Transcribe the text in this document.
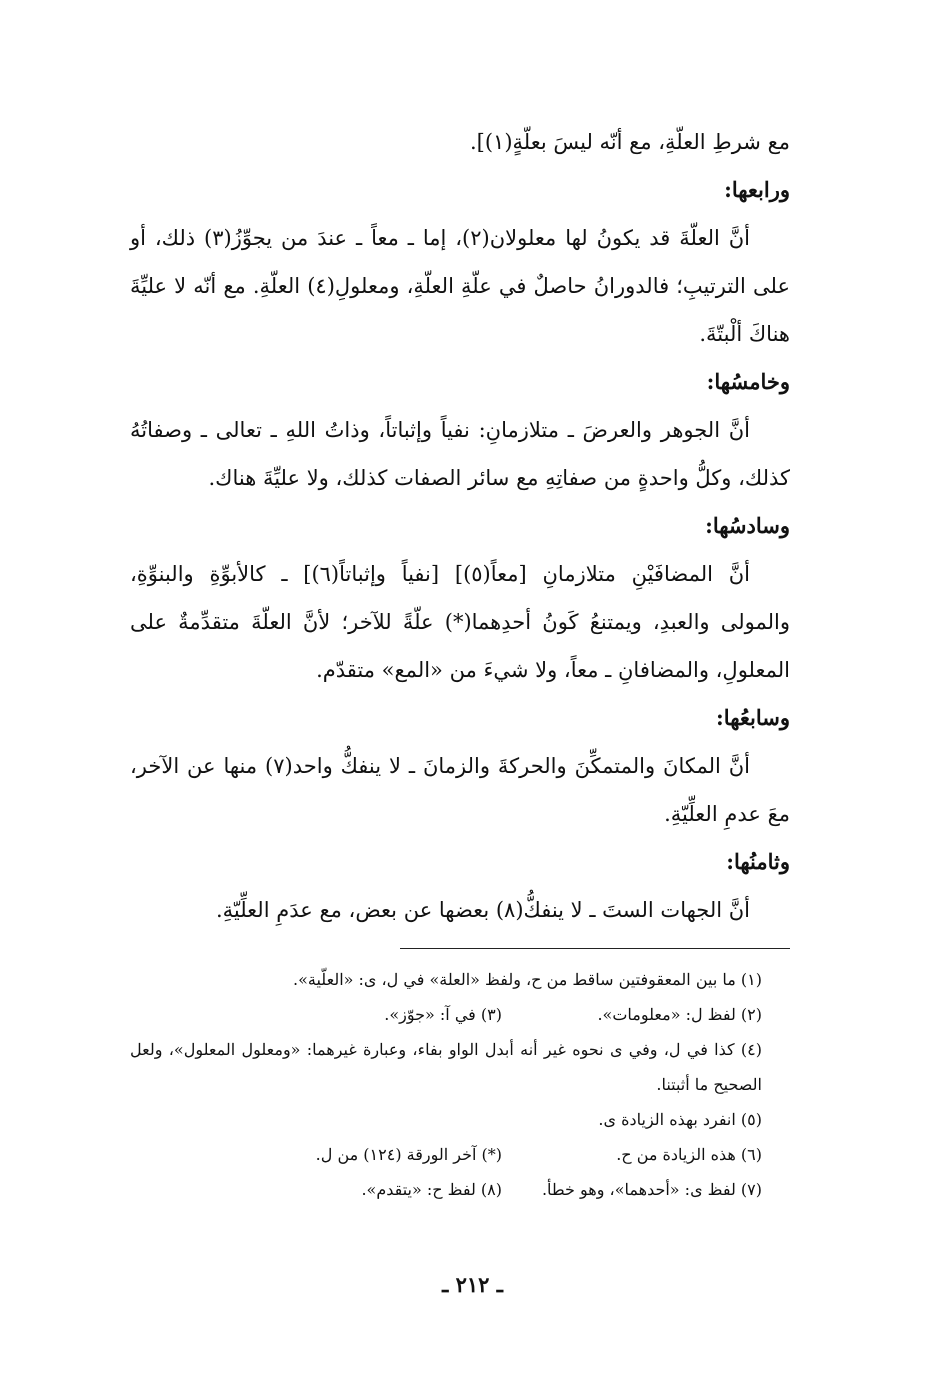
مع شرطِ العلّةِ، مع أنّه ليسَ بعلّةٍ(١)].

ورابعها:

أنَّ العلّةَ قد يكونُ لها معلولان(٢)، إما ـ معاً ـ عندَ من يجوِّزُ(٣) ذلك، أو على الترتيبِ؛ فالدورانُ حاصلٌ في علّةِ العلّةِ، ومعلولِ(٤) العلّةِ. مع أنّه لا عليِّةَ هناكَ ألْبتّةَ.

وخامسُها:

أنَّ الجوهر والعرضَ ـ متلازمانِ: نفياً وإثباتاً، وذاتُ اللهِ ـ تعالى ـ وصفاتُهُ كذلك، وكلُّ واحدةٍ من صفاتِهِ مع سائر الصفات كذلك، ولا عليِّةَ هناك.

وسادسُها:

أنَّ المضافَيْنِ متلازمانِ [معاً(٥)] [نفياً وإثباتاً(٦)] ـ كالأبوِّةِ والبنوِّةِ، والمولى والعبدِ، ويمتنعُ كَونُ أحدِهما(*) علّةً للآخر؛ لأنَّ العلّةَ متقدِّمةٌ على المعلولِ، والمضافانِ ـ معاً، ولا شيءَ من «المع» متقدّم.

وسابعُها:

أنَّ المكانَ والمتمكِّنَ والحركةَ والزمانَ ـ لا ينفكُّ واحد(٧) منها عن الآخر، معَ عدمِ العلِّيّةِ.

وثامنُها:

أنَّ الجهات الستَ ـ لا ينفكُّ(٨) بعضها عن بعض، مع عدَمِ العلِّيّةِ.

(١) ما بين المعقوفتين ساقط من ح، ولفظ «العلة» في ل، ى: «العلّية».

(٢) لفظ ل: «معلومات».
(٣) في آ: «جوّز».

(٤) كذا في ل، وفي ى نحوه غير أنه أبدل الواو بفاء، وعبارة غيرهما: «ومعلول المعلول»، ولعل الصحيح ما أثبتنا.

(٥) انفرد بهذه الزيادة ى.

(٦) هذه الزيادة من ح.
(*) آخر الورقة (١٢٤) من ل.

(٧) لفظ ى: «أحدهما»، وهو خطأ.
(٨) لفظ ح: «يتقدم».

ـ ٢١٢ ـ
